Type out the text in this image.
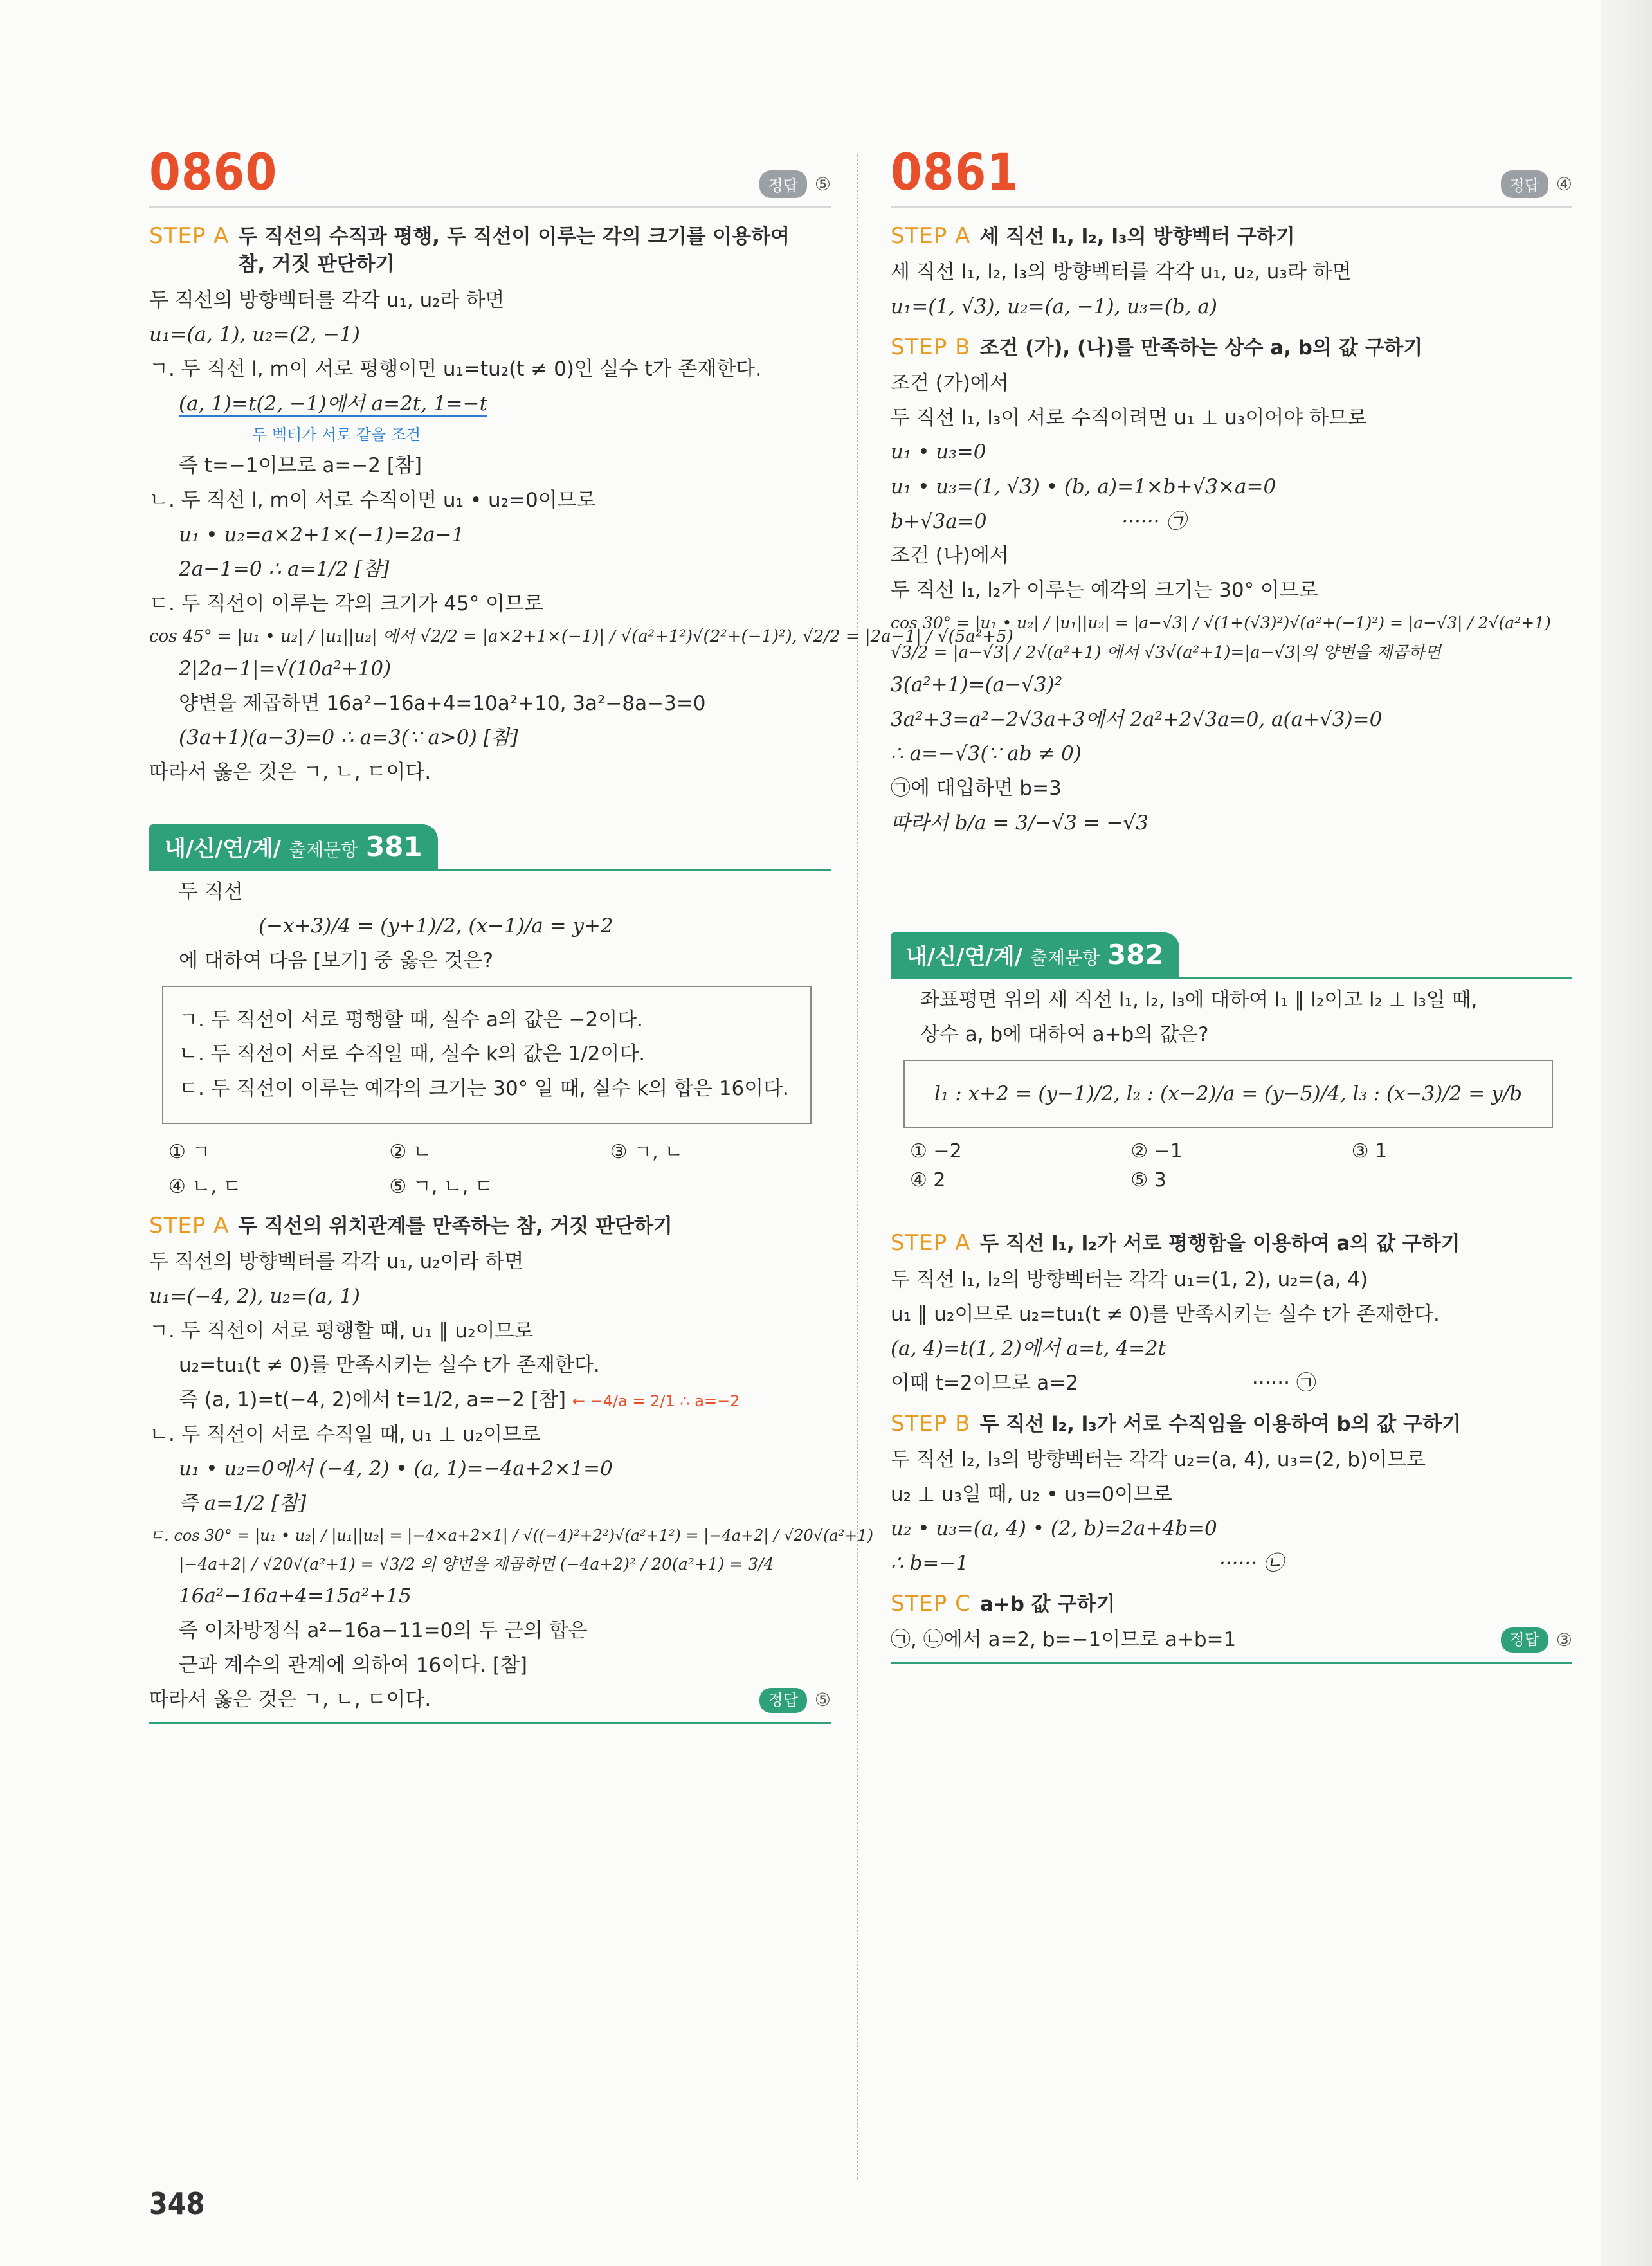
0860	정답 ⑤
STEP A 두 직선의 수직과 평행, 두 직선이 이루는 각의 크기를 이용하여
참, 거짓 판단하기
두 직선의 방향벡터를 각각 u₁, u₂라 하면
u₁=(a, 1), u₂=(2, −1)
ㄱ. 두 직선 l, m이 서로 평행이면 u₁=tu₂(t ≠ 0)인 실수 t가 존재한다.
(a, 1)=t(2, −1)에서 a=2t, 1=−t
두 벡터가 서로 같을 조건
즉 t=−1이므로 a=−2 [참]
ㄴ. 두 직선 l, m이 서로 수직이면 u₁ • u₂=0이므로
u₁ • u₂=a×2+1×(−1)=2a−1
2a−1=0 ∴ a=1/2 [참]
ㄷ. 두 직선이 이루는 각의 크기가 45° 이므로
cos 45° = |u₁ • u₂| / |u₁||u₂| 에서 √2/2 = |a×2+1×(−1)| / √(a²+1²)√(2²+(−1)²), √2/2 = |2a−1| / √(5a²+5)
2|2a−1|=√(10a²+10)
양변을 제곱하면 16a²−16a+4=10a²+10, 3a²−8a−3=0
(3a+1)(a−3)=0 ∴ a=3(∵ a>0) [참]
따라서 옳은 것은 ㄱ, ㄴ, ㄷ이다.
내/신/연/계/ 출제문항 381
두 직선
(−x+3)/4 = (y+1)/2, (x−1)/a = y+2
에 대하여 다음 [보기] 중 옳은 것은?
ㄱ. 두 직선이 서로 평행할 때, 실수 a의 값은 −2이다.
ㄴ. 두 직선이 서로 수직일 때, 실수 k의 값은 1/2이다.
ㄷ. 두 직선이 이루는 예각의 크기는 30° 일 때, 실수 k의 합은 16이다.
① ㄱ	② ㄴ	③ ㄱ, ㄴ
④ ㄴ, ㄷ	⑤ ㄱ, ㄴ, ㄷ
STEP A 두 직선의 위치관계를 만족하는 참, 거짓 판단하기
두 직선의 방향벡터를 각각 u₁, u₂이라 하면
u₁=(−4, 2), u₂=(a, 1)
ㄱ. 두 직선이 서로 평행할 때, u₁ ∥ u₂이므로
u₂=tu₁(t ≠ 0)를 만족시키는 실수 t가 존재한다.
즉 (a, 1)=t(−4, 2)에서 t=1/2, a=−2 [참] ← −4/a = 2/1 ∴ a=−2
ㄴ. 두 직선이 서로 수직일 때, u₁ ⊥ u₂이므로
u₁ • u₂=0에서 (−4, 2) • (a, 1)=−4a+2×1=0
즉 a=1/2 [참]
ㄷ. cos 30° = |u₁ • u₂| / |u₁||u₂| = |−4×a+2×1| / √((−4)²+2²)√(a²+1²) = |−4a+2| / √20√(a²+1)
|−4a+2| / √20√(a²+1) = √3/2 의 양변을 제곱하면 (−4a+2)² / 20(a²+1) = 3/4
16a²−16a+4=15a²+15
즉 이차방정식 a²−16a−11=0의 두 근의 합은
근과 계수의 관계에 의하여 16이다. [참]
따라서 옳은 것은 ㄱ, ㄴ, ㄷ이다.	정답 ⑤
0861	정답 ④
STEP A 세 직선 l₁, l₂, l₃의 방향벡터 구하기
세 직선 l₁, l₂, l₃의 방향벡터를 각각 u₁, u₂, u₃라 하면
u₁=(1, √3), u₂=(a, −1), u₃=(b, a)
STEP B 조건 (가), (나)를 만족하는 상수 a, b의 값 구하기
조건 (가)에서
두 직선 l₁, l₃이 서로 수직이려면 u₁ ⊥ u₃이어야 하므로
u₁ • u₃=0
u₁ • u₃=(1, √3) • (b, a)=1×b+√3×a=0
b+√3a=0	······ ㉠
조건 (나)에서
두 직선 l₁, l₂가 이루는 예각의 크기는 30° 이므로
cos 30° = |u₁ • u₂| / |u₁||u₂| = |a−√3| / √(1+(√3)²)√(a²+(−1)²) = |a−√3| / 2√(a²+1)
√3/2 = |a−√3| / 2√(a²+1) 에서 √3√(a²+1)=|a−√3|의 양변을 제곱하면
3(a²+1)=(a−√3)²
3a²+3=a²−2√3a+3에서 2a²+2√3a=0, a(a+√3)=0
∴ a=−√3(∵ ab ≠ 0)
㉠에 대입하면 b=3
따라서 b/a = 3/−√3 = −√3
내/신/연/계/ 출제문항 382
좌표평면 위의 세 직선 l₁, l₂, l₃에 대하여 l₁ ∥ l₂이고 l₂ ⊥ l₃일 때,
상수 a, b에 대하여 a+b의 값은?
l₁ : x+2 = (y−1)/2, l₂ : (x−2)/a = (y−5)/4, l₃ : (x−3)/2 = y/b
① −2	② −1	③ 1
④ 2	⑤ 3
STEP A 두 직선 l₁, l₂가 서로 평행함을 이용하여 a의 값 구하기
두 직선 l₁, l₂의 방향벡터는 각각 u₁=(1, 2), u₂=(a, 4)
u₁ ∥ u₂이므로 u₂=tu₁(t ≠ 0)를 만족시키는 실수 t가 존재한다.
(a, 4)=t(1, 2)에서 a=t, 4=2t
이때 t=2이므로 a=2	······ ㉠
STEP B 두 직선 l₂, l₃가 서로 수직임을 이용하여 b의 값 구하기
두 직선 l₂, l₃의 방향벡터는 각각 u₂=(a, 4), u₃=(2, b)이므로
u₂ ⊥ u₃일 때, u₂ • u₃=0이므로
u₂ • u₃=(a, 4) • (2, b)=2a+4b=0
∴ b=−1	······ ㉡
STEP C a+b 값 구하기
㉠, ㉡에서 a=2, b=−1이므로 a+b=1	정답 ③
348
